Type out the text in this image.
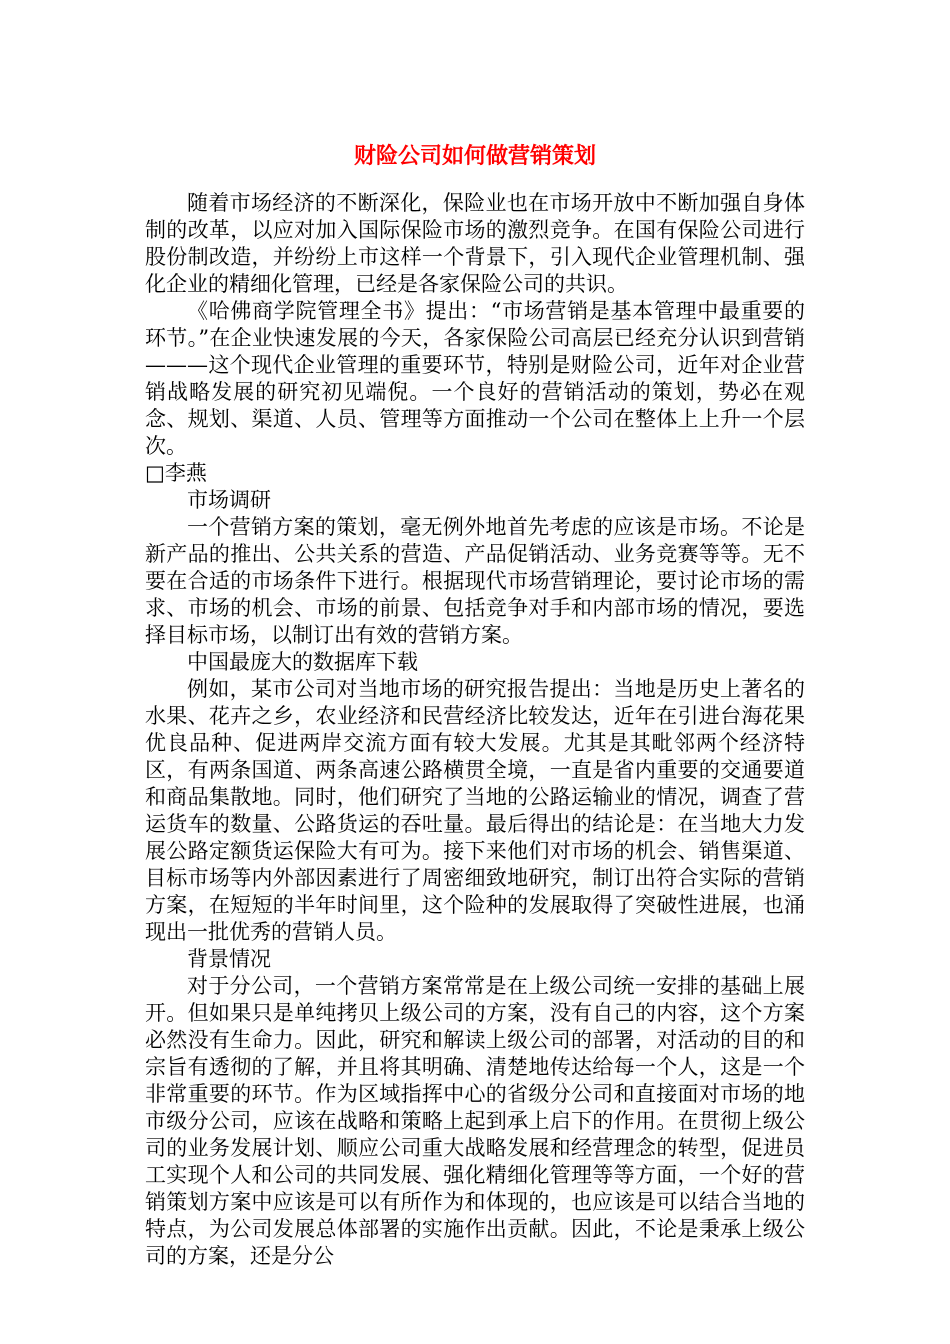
财险公司如何做营销策划

随着市场经济的不断深化，保险业也在市场开放中不断加强自身体制的改革，以应对加入国际保险市场的激烈竞争。在国有保险公司进行股份制改造，并纷纷上市这样一个背景下，引入现代企业管理机制、强化企业的精细化管理，已经是各家保险公司的共识。

《哈佛商学院管理全书》提出：“市场营销是基本管理中最重要的环节。”在企业快速发展的今天，各家保险公司高层已经充分认识到营销———这个现代企业管理的重要环节，特别是财险公司，近年对企业营销战略发展的研究初见端倪。一个良好的营销活动的策划，势必在观念、规划、渠道、人员、管理等方面推动一个公司在整体上上升一个层次。

□李燕

市场调研

一个营销方案的策划，毫无例外地首先考虑的应该是市场。不论是新产品的推出、公共关系的营造、产品促销活动、业务竞赛等等。无不要在合适的市场条件下进行。根据现代市场营销理论，要讨论市场的需求、市场的机会、市场的前景、包括竞争对手和内部市场的情况，要选择目标市场，以制订出有效的营销方案。

中国最庞大的数据库下载

例如，某市公司对当地市场的研究报告提出：当地是历史上著名的水果、花卉之乡，农业经济和民营经济比较发达，近年在引进台海花果优良品种、促进两岸交流方面有较大发展。尤其是其毗邻两个经济特区，有两条国道、两条高速公路横贯全境，一直是省内重要的交通要道和商品集散地。同时，他们研究了当地的公路运输业的情况，调查了营运货车的数量、公路货运的吞吐量。最后得出的结论是：在当地大力发展公路定额货运保险大有可为。接下来他们对市场的机会、销售渠道、目标市场等内外部因素进行了周密细致地研究，制订出符合实际的营销方案，在短短的半年时间里，这个险种的发展取得了突破性进展，也涌现出一批优秀的营销人员。

背景情况

对于分公司，一个营销方案常常是在上级公司统一安排的基础上展开。但如果只是单纯拷贝上级公司的方案，没有自己的内容，这个方案必然没有生命力。因此，研究和解读上级公司的部署，对活动的目的和宗旨有透彻的了解，并且将其明确、清楚地传达给每一个人，这是一个非常重要的环节。作为区域指挥中心的省级分公司和直接面对市场的地市级分公司，应该在战略和策略上起到承上启下的作用。在贯彻上级公司的业务发展计划、顺应公司重大战略发展和经营理念的转型，促进员工实现个人和公司的共同发展、强化精细化管理等等方面，一个好的营销策划方案中应该是可以有所作为和体现的，也应该是可以结合当地的特点，为公司发展总体部署的实施作出贡献。因此，不论是秉承上级公司的方案，还是分公
